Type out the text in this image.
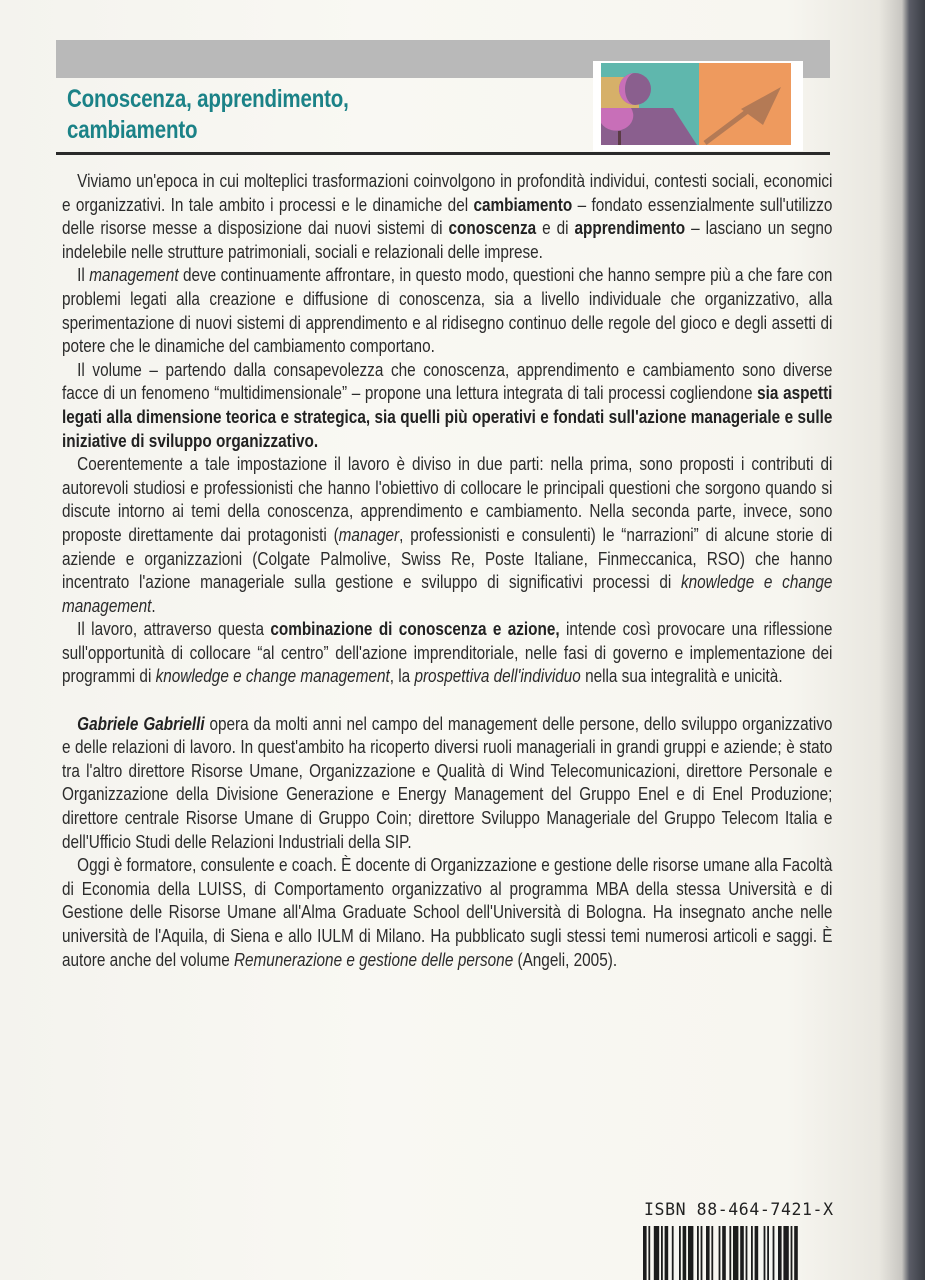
Conoscenza, apprendimento,
cambiamento

Viviamo un'epoca in cui molteplici trasformazioni coinvolgono in profondità individui, contesti sociali, economici e organizzativi. In tale ambito i processi e le dinamiche del cambiamento – fondato essenzialmente sull'utilizzo delle risorse messe a disposizione dai nuovi sistemi di conoscenza e di apprendimento – lasciano un segno indelebile nelle strutture patrimoniali, sociali e relazionali delle imprese.

Il management deve continuamente affrontare, in questo modo, questioni che hanno sempre più a che fare con problemi legati alla creazione e diffusione di conoscenza, sia a livello individuale che organizzativo, alla sperimentazione di nuovi sistemi di apprendimento e al ridisegno continuo delle regole del gioco e degli assetti di potere che le dinamiche del cambiamento comportano.

Il volume – partendo dalla consapevolezza che conoscenza, apprendimento e cambiamento sono diverse facce di un fenomeno “multidimensionale” – propone una lettura integrata di tali processi cogliendone sia aspetti legati alla dimensione teorica e strategica, sia quelli più operativi e fondati sull'azione manageriale e sulle iniziative di sviluppo organizzativo.

Coerentemente a tale impostazione il lavoro è diviso in due parti: nella prima, sono proposti i contributi di autorevoli studiosi e professionisti che hanno l'obiettivo di collocare le principali questioni che sorgono quando si discute intorno ai temi della conoscenza, apprendimento e cambiamento. Nella seconda parte, invece, sono proposte direttamente dai protagonisti (manager, professionisti e consulenti) le “narrazioni” di alcune storie di aziende e organizzazioni (Colgate Palmolive, Swiss Re, Poste Italiane, Finmeccanica, RSO) che hanno incentrato l'azione manageriale sulla gestione e sviluppo di significativi processi di knowledge e change management.

Il lavoro, attraverso questa combinazione di conoscenza e azione, intende così provocare una riflessione sull'opportunità di collocare “al centro” dell'azione imprenditoriale, nelle fasi di governo e implementazione dei programmi di knowledge e change management, la prospettiva dell'individuo nella sua integralità e unicità.

Gabriele Gabrielli opera da molti anni nel campo del management delle persone, dello sviluppo organizzativo e delle relazioni di lavoro. In quest'ambito ha ricoperto diversi ruoli manageriali in grandi gruppi e aziende; è stato tra l'altro direttore Risorse Umane, Organizzazione e Qualità di Wind Telecomunicazioni, direttore Personale e Organizzazione della Divisione Generazione e Energy Management del Gruppo Enel e di Enel Produzione; direttore centrale Risorse Umane di Gruppo Coin; direttore Sviluppo Manageriale del Gruppo Telecom Italia e dell'Ufficio Studi delle Relazioni Industriali della SIP.

Oggi è formatore, consulente e coach. È docente di Organizzazione e gestione delle risorse umane alla Facoltà di Economia della LUISS, di Comportamento organizzativo al programma MBA della stessa Università e di Gestione delle Risorse Umane all'Alma Graduate School dell'Università di Bologna. Ha insegnato anche nelle università de l'Aquila, di Siena e allo IULM di Milano. Ha pubblicato sugli stessi temi numerosi articoli e saggi. È autore anche del volume Remunerazione e gestione delle persone (Angeli, 2005).

ISBN 88-464-7421-X
